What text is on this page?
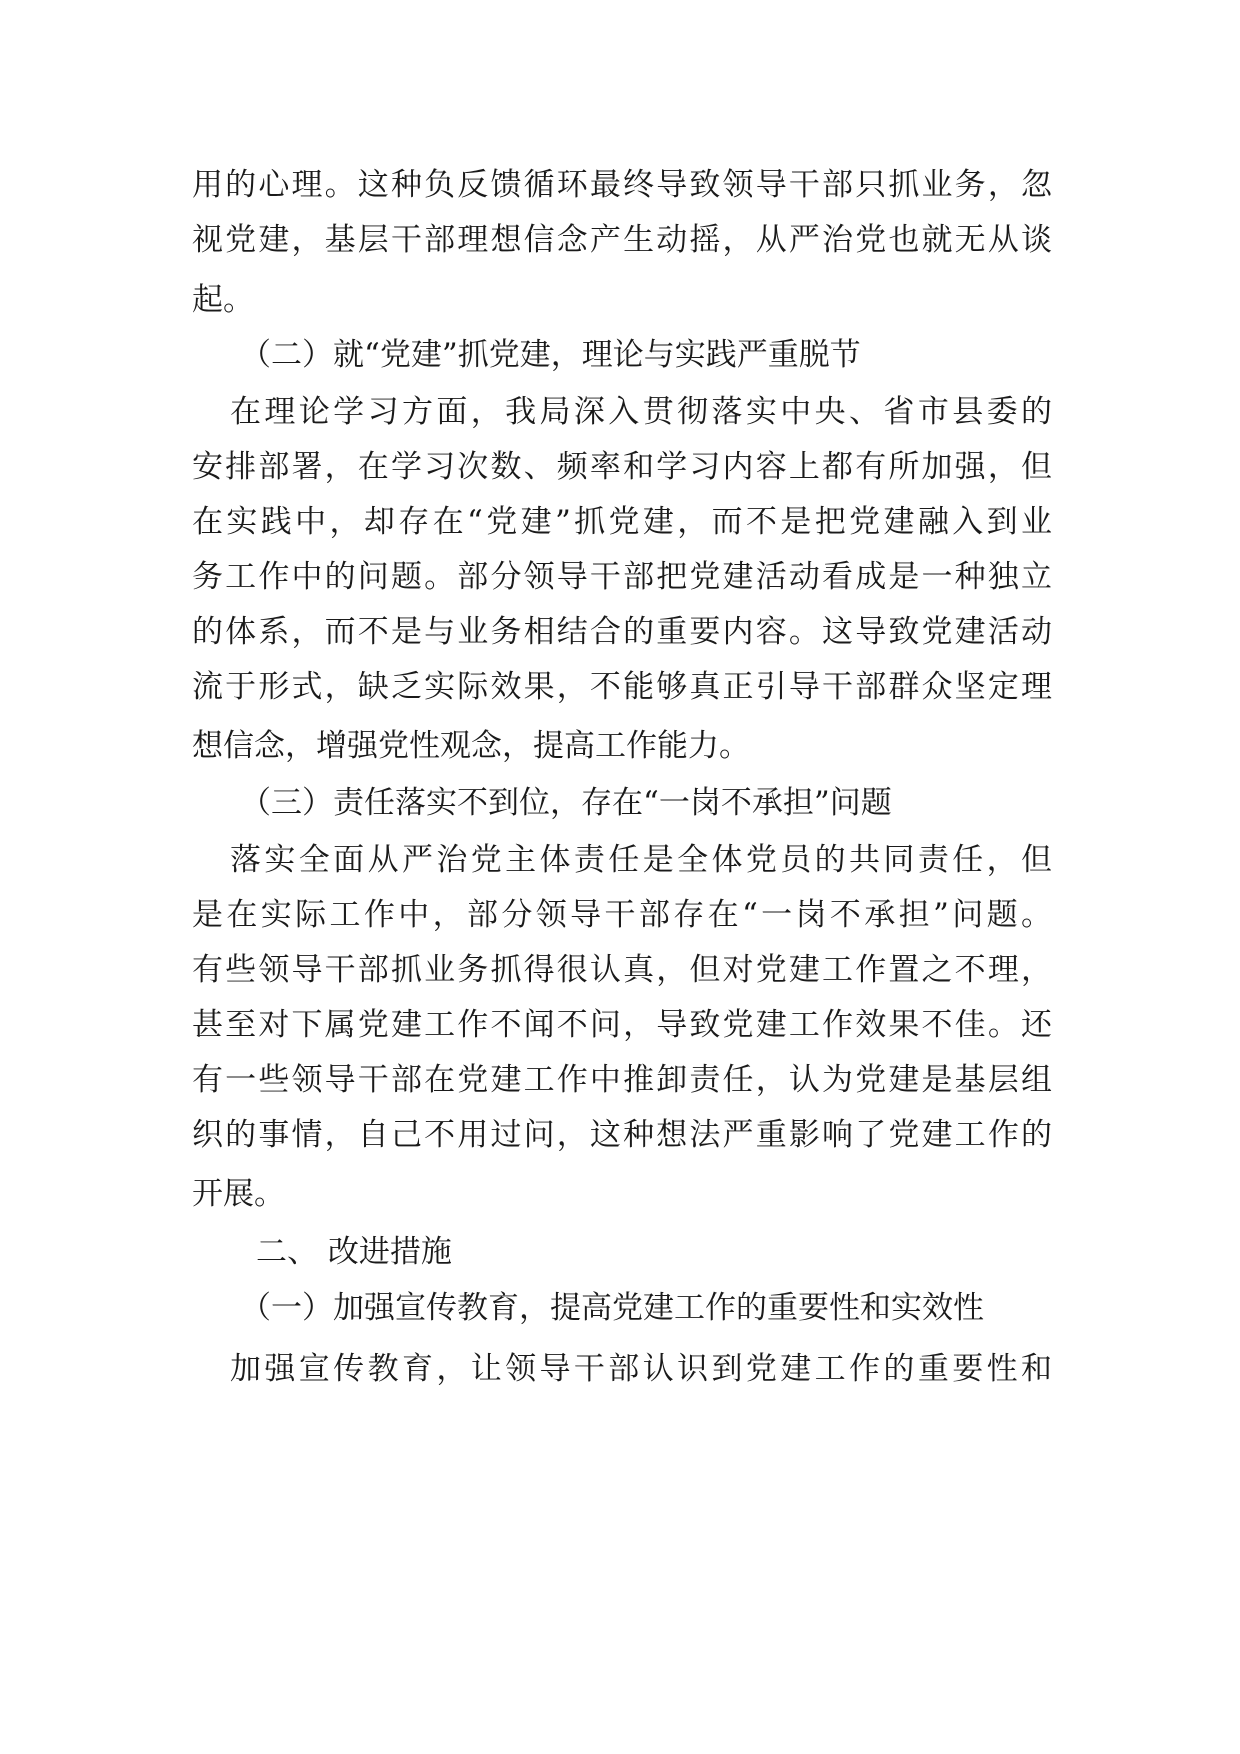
用的心理。这种负反馈循环最终导致领导干部只抓业务，忽
视党建，基层干部理想信念产生动摇，从严治党也就无从谈
起。
（二）就“党建”抓党建，理论与实践严重脱节
在理论学习方面，我局深入贯彻落实中央、省市县委的
安排部署，在学习次数、频率和学习内容上都有所加强，但
在实践中，却存在“党建”抓党建，而不是把党建融入到业
务工作中的问题。部分领导干部把党建活动看成是一种独立
的体系，而不是与业务相结合的重要内容。这导致党建活动
流于形式，缺乏实际效果，不能够真正引导干部群众坚定理
想信念，增强党性观念，提高工作能力。
（三）责任落实不到位，存在“一岗不承担”问题
落实全面从严治党主体责任是全体党员的共同责任，但
是在实际工作中，部分领导干部存在“一岗不承担”问题。
有些领导干部抓业务抓得很认真，但对党建工作置之不理，
甚至对下属党建工作不闻不问，导致党建工作效果不佳。还
有一些领导干部在党建工作中推卸责任，认为党建是基层组
织的事情，自己不用过问，这种想法严重影响了党建工作的
开展。
二、 改进措施
（一）加强宣传教育，提高党建工作的重要性和实效性
加强宣传教育，让领导干部认识到党建工作的重要性和
